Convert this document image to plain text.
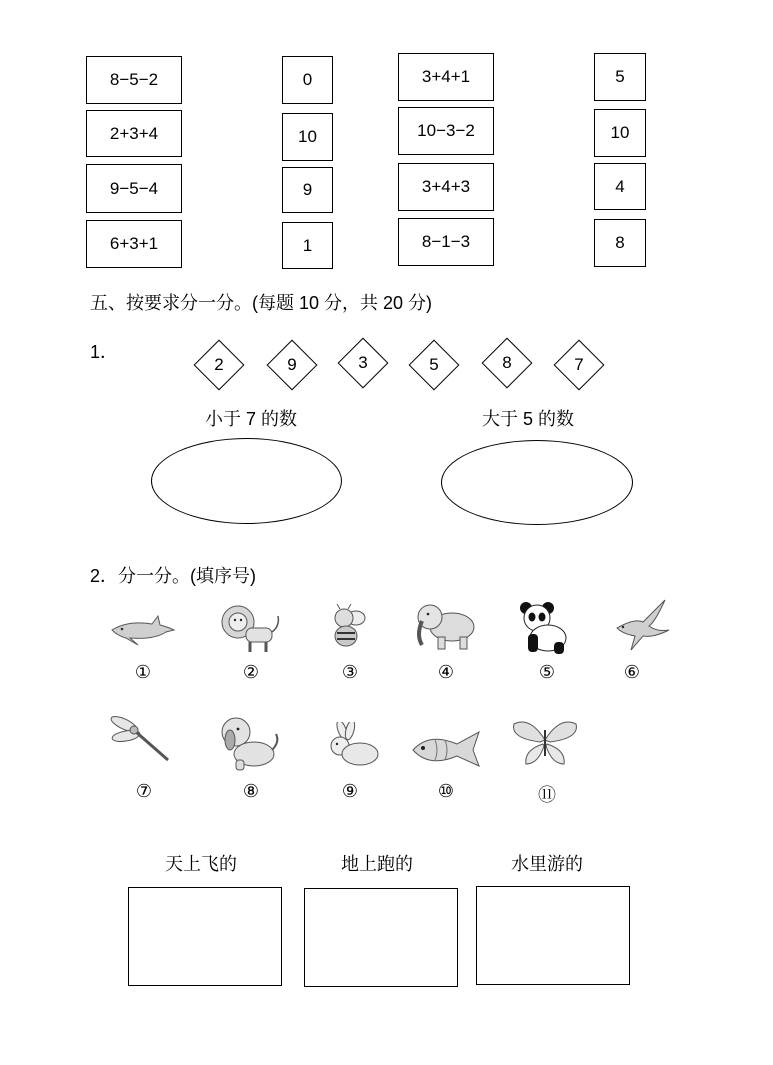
8−5−2
2+3+4
9−5−4
6+3+1
0
10
9
1
3+4+1
10−3−2
3+4+3
8−1−3
5
10
4
8
五、按要求分一分。(每题 10 分，共 20 分)
1．
2	9	3	5	8	7
小于 7 的数	大于 5 的数
2．分一分。(填序号)
①	②	③	④	⑤	⑥
⑦	⑧	⑨	⑩	⑪
天上飞的	地上跑的	水里游的
